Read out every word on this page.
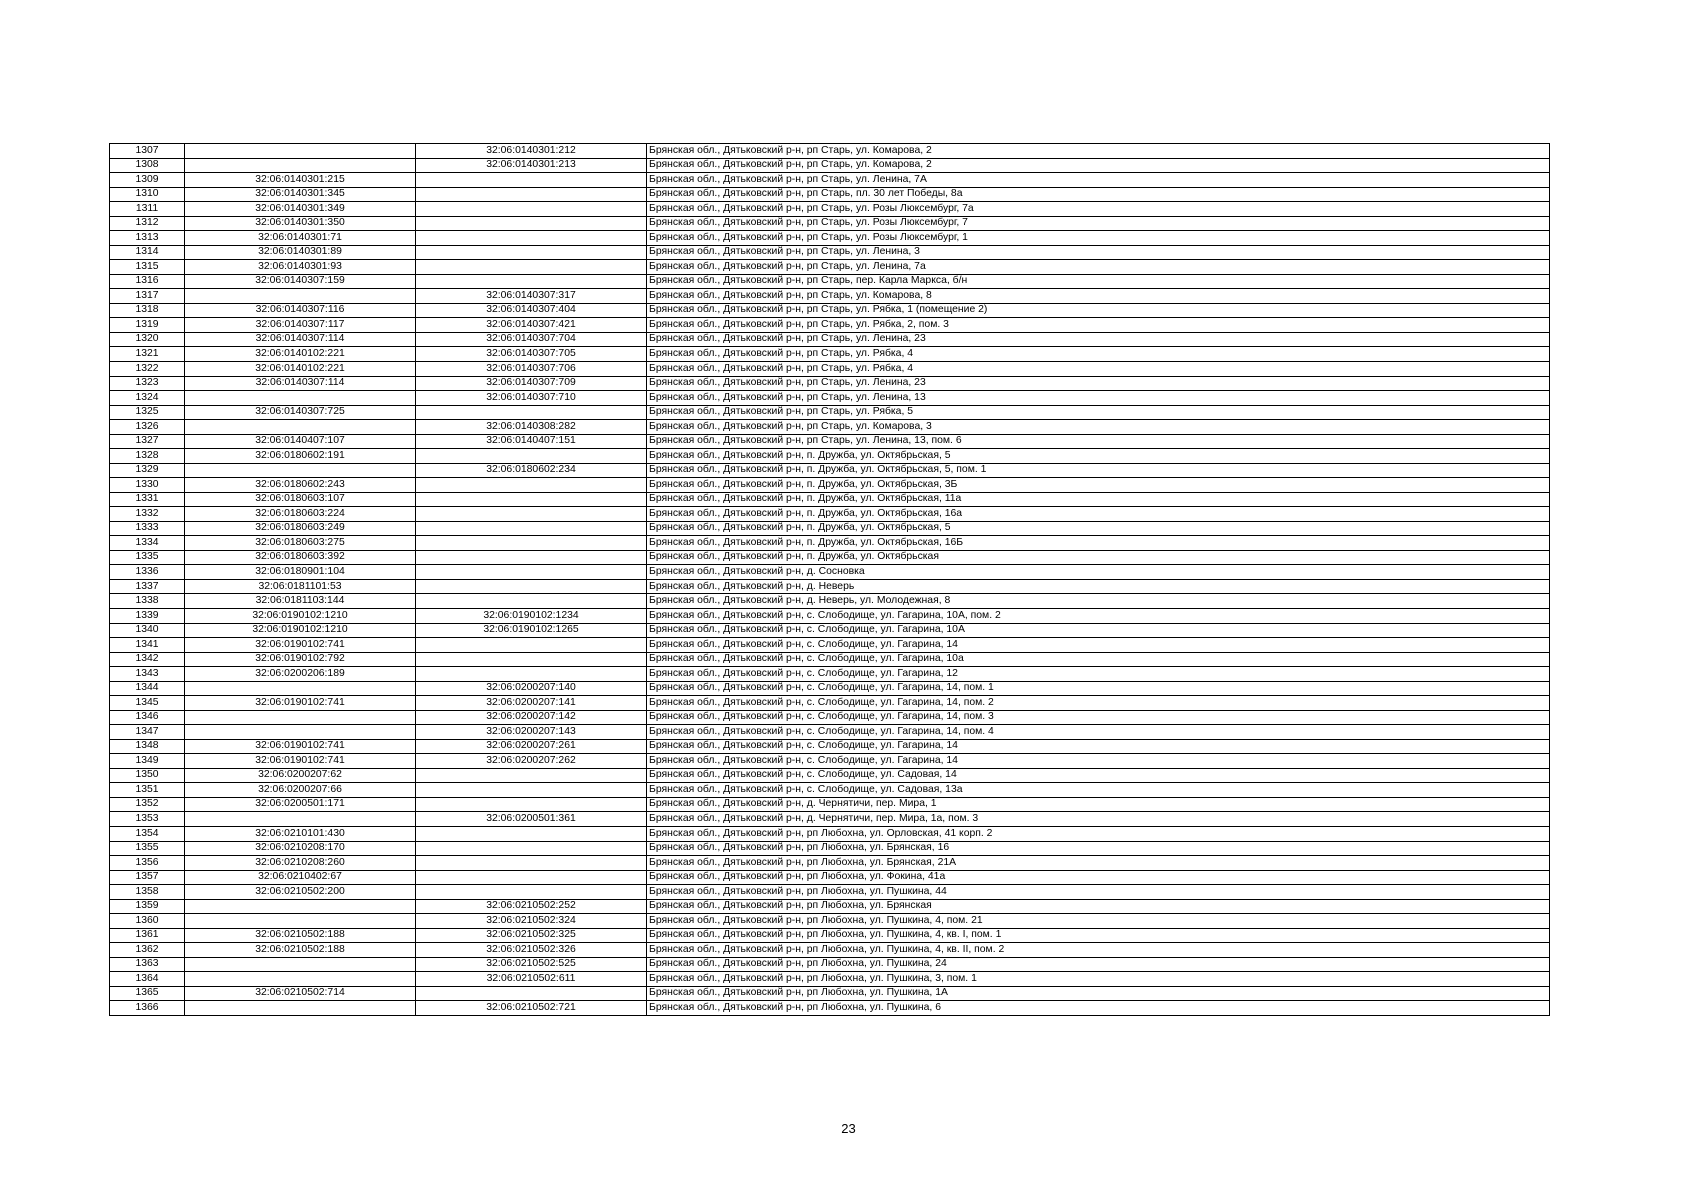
1307		32:06:0140301:212	Брянская обл., Дятьковский р-н, рп Старь, ул. Комарова, 2
1308		32:06:0140301:213	Брянская обл., Дятьковский р-н, рп Старь, ул. Комарова, 2
1309	32:06:0140301:215		Брянская обл., Дятьковский р-н, рп Старь, ул. Ленина, 7А
1310	32:06:0140301:345		Брянская обл., Дятьковский р-н, рп Старь, пл. 30 лет Победы, 8а
1311	32:06:0140301:349		Брянская обл., Дятьковский р-н, рп Старь, ул. Розы Люксембург, 7а
1312	32:06:0140301:350		Брянская обл., Дятьковский р-н, рп Старь, ул. Розы Люксембург, 7
1313	32:06:0140301:71		Брянская обл., Дятьковский р-н, рп Старь, ул. Розы Люксембург, 1
1314	32:06:0140301:89		Брянская обл., Дятьковский р-н, рп Старь, ул. Ленина, 3
1315	32:06:0140301:93		Брянская обл., Дятьковский р-н, рп Старь, ул. Ленина, 7а
1316	32:06:0140307:159		Брянская обл., Дятьковский р-н, рп Старь, пер. Карла Маркса, б/н
1317		32:06:0140307:317	Брянская обл., Дятьковский р-н, рп Старь, ул. Комарова, 8
1318	32:06:0140307:116	32:06:0140307:404	Брянская обл., Дятьковский р-н, рп Старь, ул. Рябка, 1 (помещение 2)
1319	32:06:0140307:117	32:06:0140307:421	Брянская обл., Дятьковский р-н, рп Старь, ул. Рябка, 2, пом. 3
1320	32:06:0140307:114	32:06:0140307:704	Брянская обл., Дятьковский р-н, рп Старь, ул. Ленина, 23
1321	32:06:0140102:221	32:06:0140307:705	Брянская обл., Дятьковский р-н, рп Старь, ул. Рябка, 4
1322	32:06:0140102:221	32:06:0140307:706	Брянская обл., Дятьковский р-н, рп Старь, ул. Рябка, 4
1323	32:06:0140307:114	32:06:0140307:709	Брянская обл., Дятьковский р-н, рп Старь, ул. Ленина, 23
1324		32:06:0140307:710	Брянская обл., Дятьковский р-н, рп Старь, ул. Ленина, 13
1325	32:06:0140307:725		Брянская обл., Дятьковский р-н, рп Старь, ул. Рябка, 5
1326		32:06:0140308:282	Брянская обл., Дятьковский р-н, рп Старь, ул. Комарова, 3
1327	32:06:0140407:107	32:06:0140407:151	Брянская обл., Дятьковский р-н, рп Старь, ул. Ленина, 13, пом. 6
1328	32:06:0180602:191		Брянская обл., Дятьковский р-н, п. Дружба, ул. Октябрьская, 5
1329		32:06:0180602:234	Брянская обл., Дятьковский р-н, п. Дружба, ул. Октябрьская, 5, пом. 1
1330	32:06:0180602:243		Брянская обл., Дятьковский р-н, п. Дружба, ул. Октябрьская, 3Б
1331	32:06:0180603:107		Брянская обл., Дятьковский р-н, п. Дружба, ул. Октябрьская, 11а
1332	32:06:0180603:224		Брянская обл., Дятьковский р-н, п. Дружба, ул. Октябрьская, 16а
1333	32:06:0180603:249		Брянская обл., Дятьковский р-н, п. Дружба, ул. Октябрьская, 5
1334	32:06:0180603:275		Брянская обл., Дятьковский р-н, п. Дружба, ул. Октябрьская, 16Б
1335	32:06:0180603:392		Брянская обл., Дятьковский р-н, п. Дружба, ул. Октябрьская
1336	32:06:0180901:104		Брянская обл., Дятьковский р-н, д. Сосновка
1337	32:06:0181101:53		Брянская обл., Дятьковский р-н, д. Неверь
1338	32:06:0181103:144		Брянская обл., Дятьковский р-н, д. Неверь, ул. Молодежная, 8
1339	32:06:0190102:1210	32:06:0190102:1234	Брянская обл., Дятьковский р-н, с. Слободище, ул. Гагарина, 10А, пом. 2
1340	32:06:0190102:1210	32:06:0190102:1265	Брянская обл., Дятьковский р-н, с. Слободище, ул. Гагарина, 10А
1341	32:06:0190102:741		Брянская обл., Дятьковский р-н, с. Слободище, ул. Гагарина, 14
1342	32:06:0190102:792		Брянская обл., Дятьковский р-н, с. Слободище, ул. Гагарина, 10а
1343	32:06:0200206:189		Брянская обл., Дятьковский р-н, с. Слободище, ул. Гагарина, 12
1344		32:06:0200207:140	Брянская обл., Дятьковский р-н, с. Слободище, ул. Гагарина, 14, пом. 1
1345	32:06:0190102:741	32:06:0200207:141	Брянская обл., Дятьковский р-н, с. Слободище, ул. Гагарина, 14, пом. 2
1346		32:06:0200207:142	Брянская обл., Дятьковский р-н, с. Слободище, ул. Гагарина, 14, пом. 3
1347		32:06:0200207:143	Брянская обл., Дятьковский р-н, с. Слободище, ул. Гагарина, 14, пом. 4
1348	32:06:0190102:741	32:06:0200207:261	Брянская обл., Дятьковский р-н, с. Слободище, ул. Гагарина, 14
1349	32:06:0190102:741	32:06:0200207:262	Брянская обл., Дятьковский р-н, с. Слободище, ул. Гагарина, 14
1350	32:06:0200207:62		Брянская обл., Дятьковский р-н, с. Слободище, ул. Садовая, 14
1351	32:06:0200207:66		Брянская обл., Дятьковский р-н, с. Слободище, ул. Садовая, 13а
1352	32:06:0200501:171		Брянская обл., Дятьковский р-н, д. Чернятичи, пер. Мира, 1
1353		32:06:0200501:361	Брянская обл., Дятьковский р-н, д. Чернятичи, пер. Мира, 1а, пом. 3
1354	32:06:0210101:430		Брянская обл., Дятьковский р-н, рп Любохна, ул. Орловская, 41 корп. 2
1355	32:06:0210208:170		Брянская обл., Дятьковский р-н, рп Любохна, ул. Брянская, 16
1356	32:06:0210208:260		Брянская обл., Дятьковский р-н, рп Любохна, ул. Брянская, 21А
1357	32:06:0210402:67		Брянская обл., Дятьковский р-н, рп Любохна, ул. Фокина, 41а
1358	32:06:0210502:200		Брянская обл., Дятьковский р-н, рп Любохна, ул. Пушкина, 44
1359		32:06:0210502:252	Брянская обл., Дятьковский р-н, рп Любохна, ул. Брянская
1360		32:06:0210502:324	Брянская обл., Дятьковский р-н, рп Любохна, ул. Пушкина, 4, пом. 21
1361	32:06:0210502:188	32:06:0210502:325	Брянская обл., Дятьковский р-н, рп Любохна, ул. Пушкина, 4, кв. I, пом. 1
1362	32:06:0210502:188	32:06:0210502:326	Брянская обл., Дятьковский р-н, рп Любохна, ул. Пушкина, 4, кв. II, пом. 2
1363		32:06:0210502:525	Брянская обл., Дятьковский р-н, рп Любохна, ул. Пушкина, 24
1364		32:06:0210502:611	Брянская обл., Дятьковский р-н, рп Любохна, ул. Пушкина, 3, пом. 1
1365	32:06:0210502:714		Брянская обл., Дятьковский р-н, рп Любохна, ул. Пушкина, 1А
1366		32:06:0210502:721	Брянская обл., Дятьковский р-н, рп Любохна, ул. Пушкина, 6
23
